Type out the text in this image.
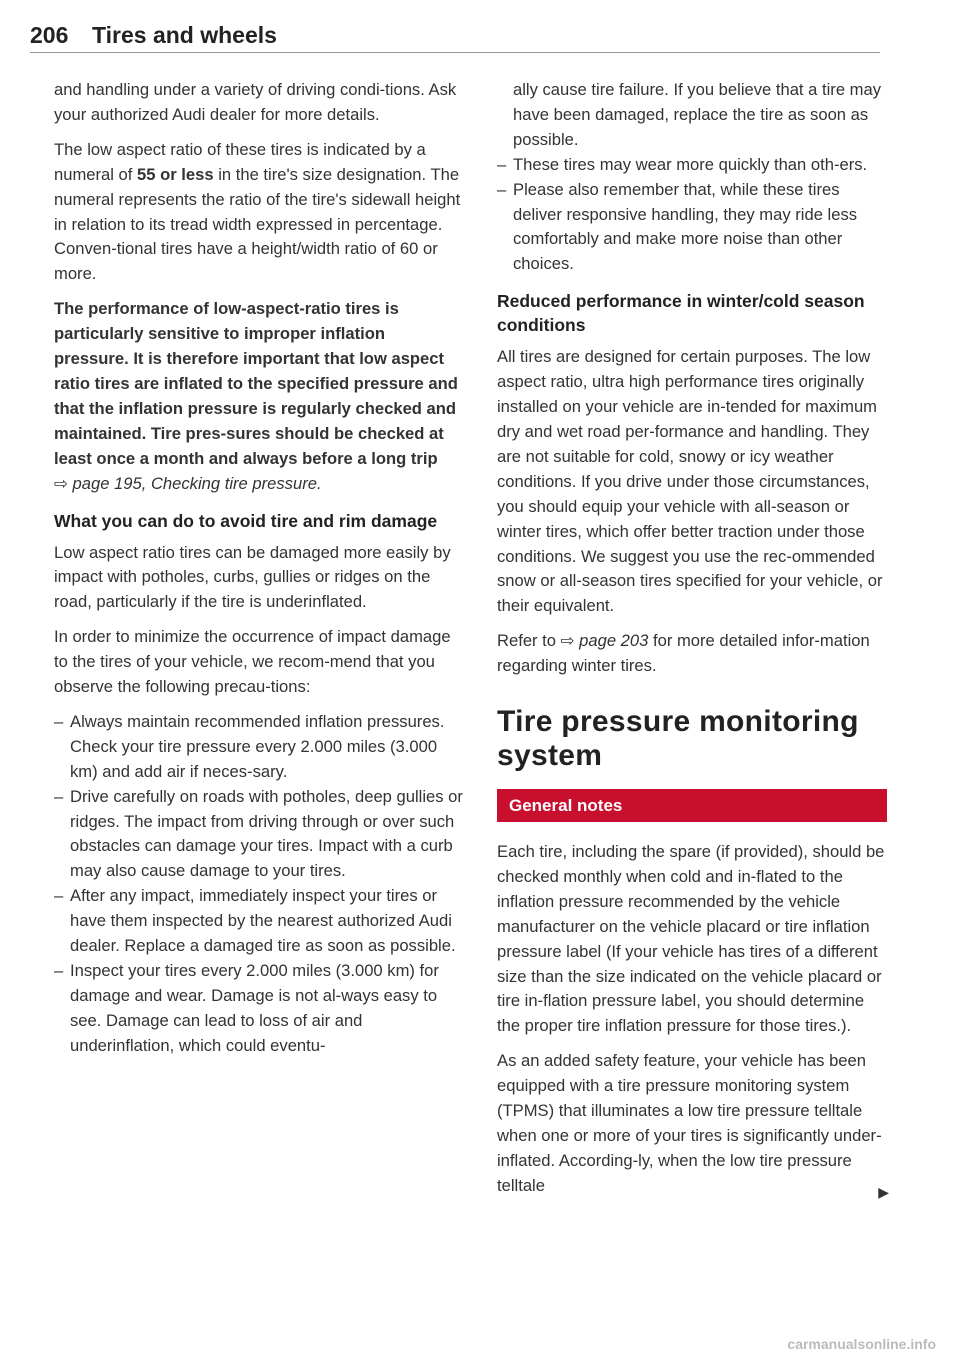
206 Tires and wheels

and handling under a variety of driving condi-tions. Ask your authorized Audi dealer for more details.

The low aspect ratio of these tires is indicated by a numeral of 55 or less in the tire's size designation. The numeral represents the ratio of the tire's sidewall height in relation to its tread width expressed in percentage. Conven-tional tires have a height/width ratio of 60 or more.

The performance of low-aspect-ratio tires is particularly sensitive to improper inflation pressure. It is therefore important that low aspect ratio tires are inflated to the specified pressure and that the inflation pressure is regularly checked and maintained. Tire pres-sures should be checked at least once a month and always before a long trip

⇨ page 195, Checking tire pressure.

What you can do to avoid tire and rim damage

Low aspect ratio tires can be damaged more easily by impact with potholes, curbs, gullies or ridges on the road, particularly if the tire is underinflated.

In order to minimize the occurrence of impact damage to the tires of your vehicle, we recom-mend that you observe the following precau-tions:

– Always maintain recommended inflation pressures. Check your tire pressure every 2.000 miles (3.000 km) and add air if neces-sary.
– Drive carefully on roads with potholes, deep gullies or ridges. The impact from driving through or over such obstacles can damage your tires. Impact with a curb may also cause damage to your tires.
– After any impact, immediately inspect your tires or have them inspected by the nearest authorized Audi dealer. Replace a damaged tire as soon as possible.
– Inspect your tires every 2.000 miles (3.000 km) for damage and wear. Damage is not al-ways easy to see. Damage can lead to loss of air and underinflation, which could eventu-
ally cause tire failure. If you believe that a tire may have been damaged, replace the tire as soon as possible.
– These tires may wear more quickly than oth-ers.
– Please also remember that, while these tires deliver responsive handling, they may ride less comfortably and make more noise than other choices.
Reduced performance in winter/cold season conditions

All tires are designed for certain purposes. The low aspect ratio, ultra high performance tires originally installed on your vehicle are in-tended for maximum dry and wet road per-formance and handling. They are not suitable for cold, snowy or icy weather conditions. If you drive under those circumstances, you should equip your vehicle with all-season or winter tires, which offer better traction under those conditions. We suggest you use the rec-ommended snow or all-season tires specified for your vehicle, or their equivalent.

Refer to ⇨ page 203 for more detailed infor-mation regarding winter tires.

Tire pressure monitoring system
General notes

Each tire, including the spare (if provided), should be checked monthly when cold and in-flated to the inflation pressure recommended by the vehicle manufacturer on the vehicle placard or tire inflation pressure label (If your vehicle has tires of a different size than the size indicated on the vehicle placard or tire in-flation pressure label, you should determine the proper tire inflation pressure for those tires.).

As an added safety feature, your vehicle has been equipped with a tire pressure monitoring system (TPMS) that illuminates a low tire pressure telltale when one or more of your tires is significantly under-inflated. According-ly, when the low tire pressure telltale	▶
carmanualsonline.info
